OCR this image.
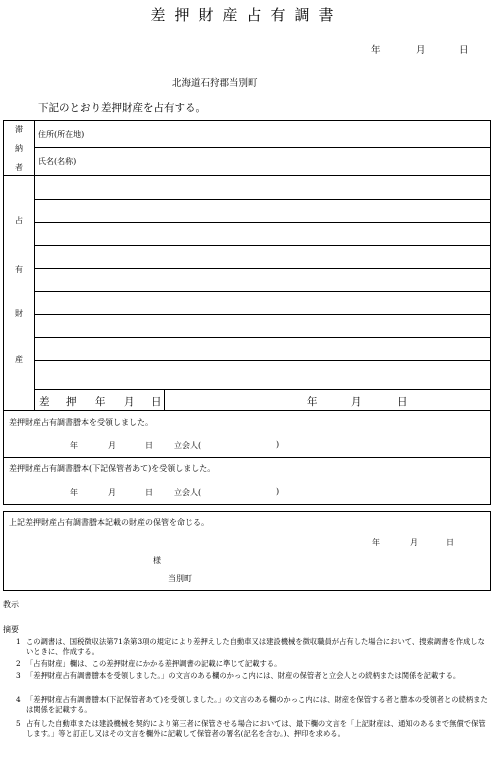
差押財産占有調書
年	月	日
北海道石狩郡当別町
下記のとおり差押財産を占有する。
滞
納
者
住所(所在地)
氏名(名称)
占
有
財
産
差 押 年 月 日	年	月	日
差押財産占有調書謄本を受領しました。
年	月	日	立会人(	)
差押財産占有調書謄本(下記保管者あて)を受領しました。
年	月	日	立会人(	)
上記差押財産占有調書謄本記載の財産の保管を命じる。
年	月	日
様
当別町
教示
摘要
1 この調書は、国税徴収法第71条第3項の規定により差押えした自動車又は建設機械を徴収職員が占有した場合において、捜索調書を作成しないときに、作成する。
2 「占有財産」欄は、この差押財産にかかる差押調書の記載に準じて記載する。
3 「差押財産占有調書謄本を受領しました。」の文言のある欄のかっこ内には、財産の保管者と立会人との続柄または関係を記載する。
4 「差押財産占有調書謄本(下記保管者あて)を受領しました。」の文言のある欄のかっこ内には、財産を保管する者と謄本の受領者との続柄または関係を記載する。
5 占有した自動車または建設機械を契約により第三者に保管させる場合においては、最下欄の文言を「上記財産は、通知のあるまで無償で保管します。」等と訂正し又はその文言を欄外に記載して保管者の署名(記名を含む。)、押印を求める。
